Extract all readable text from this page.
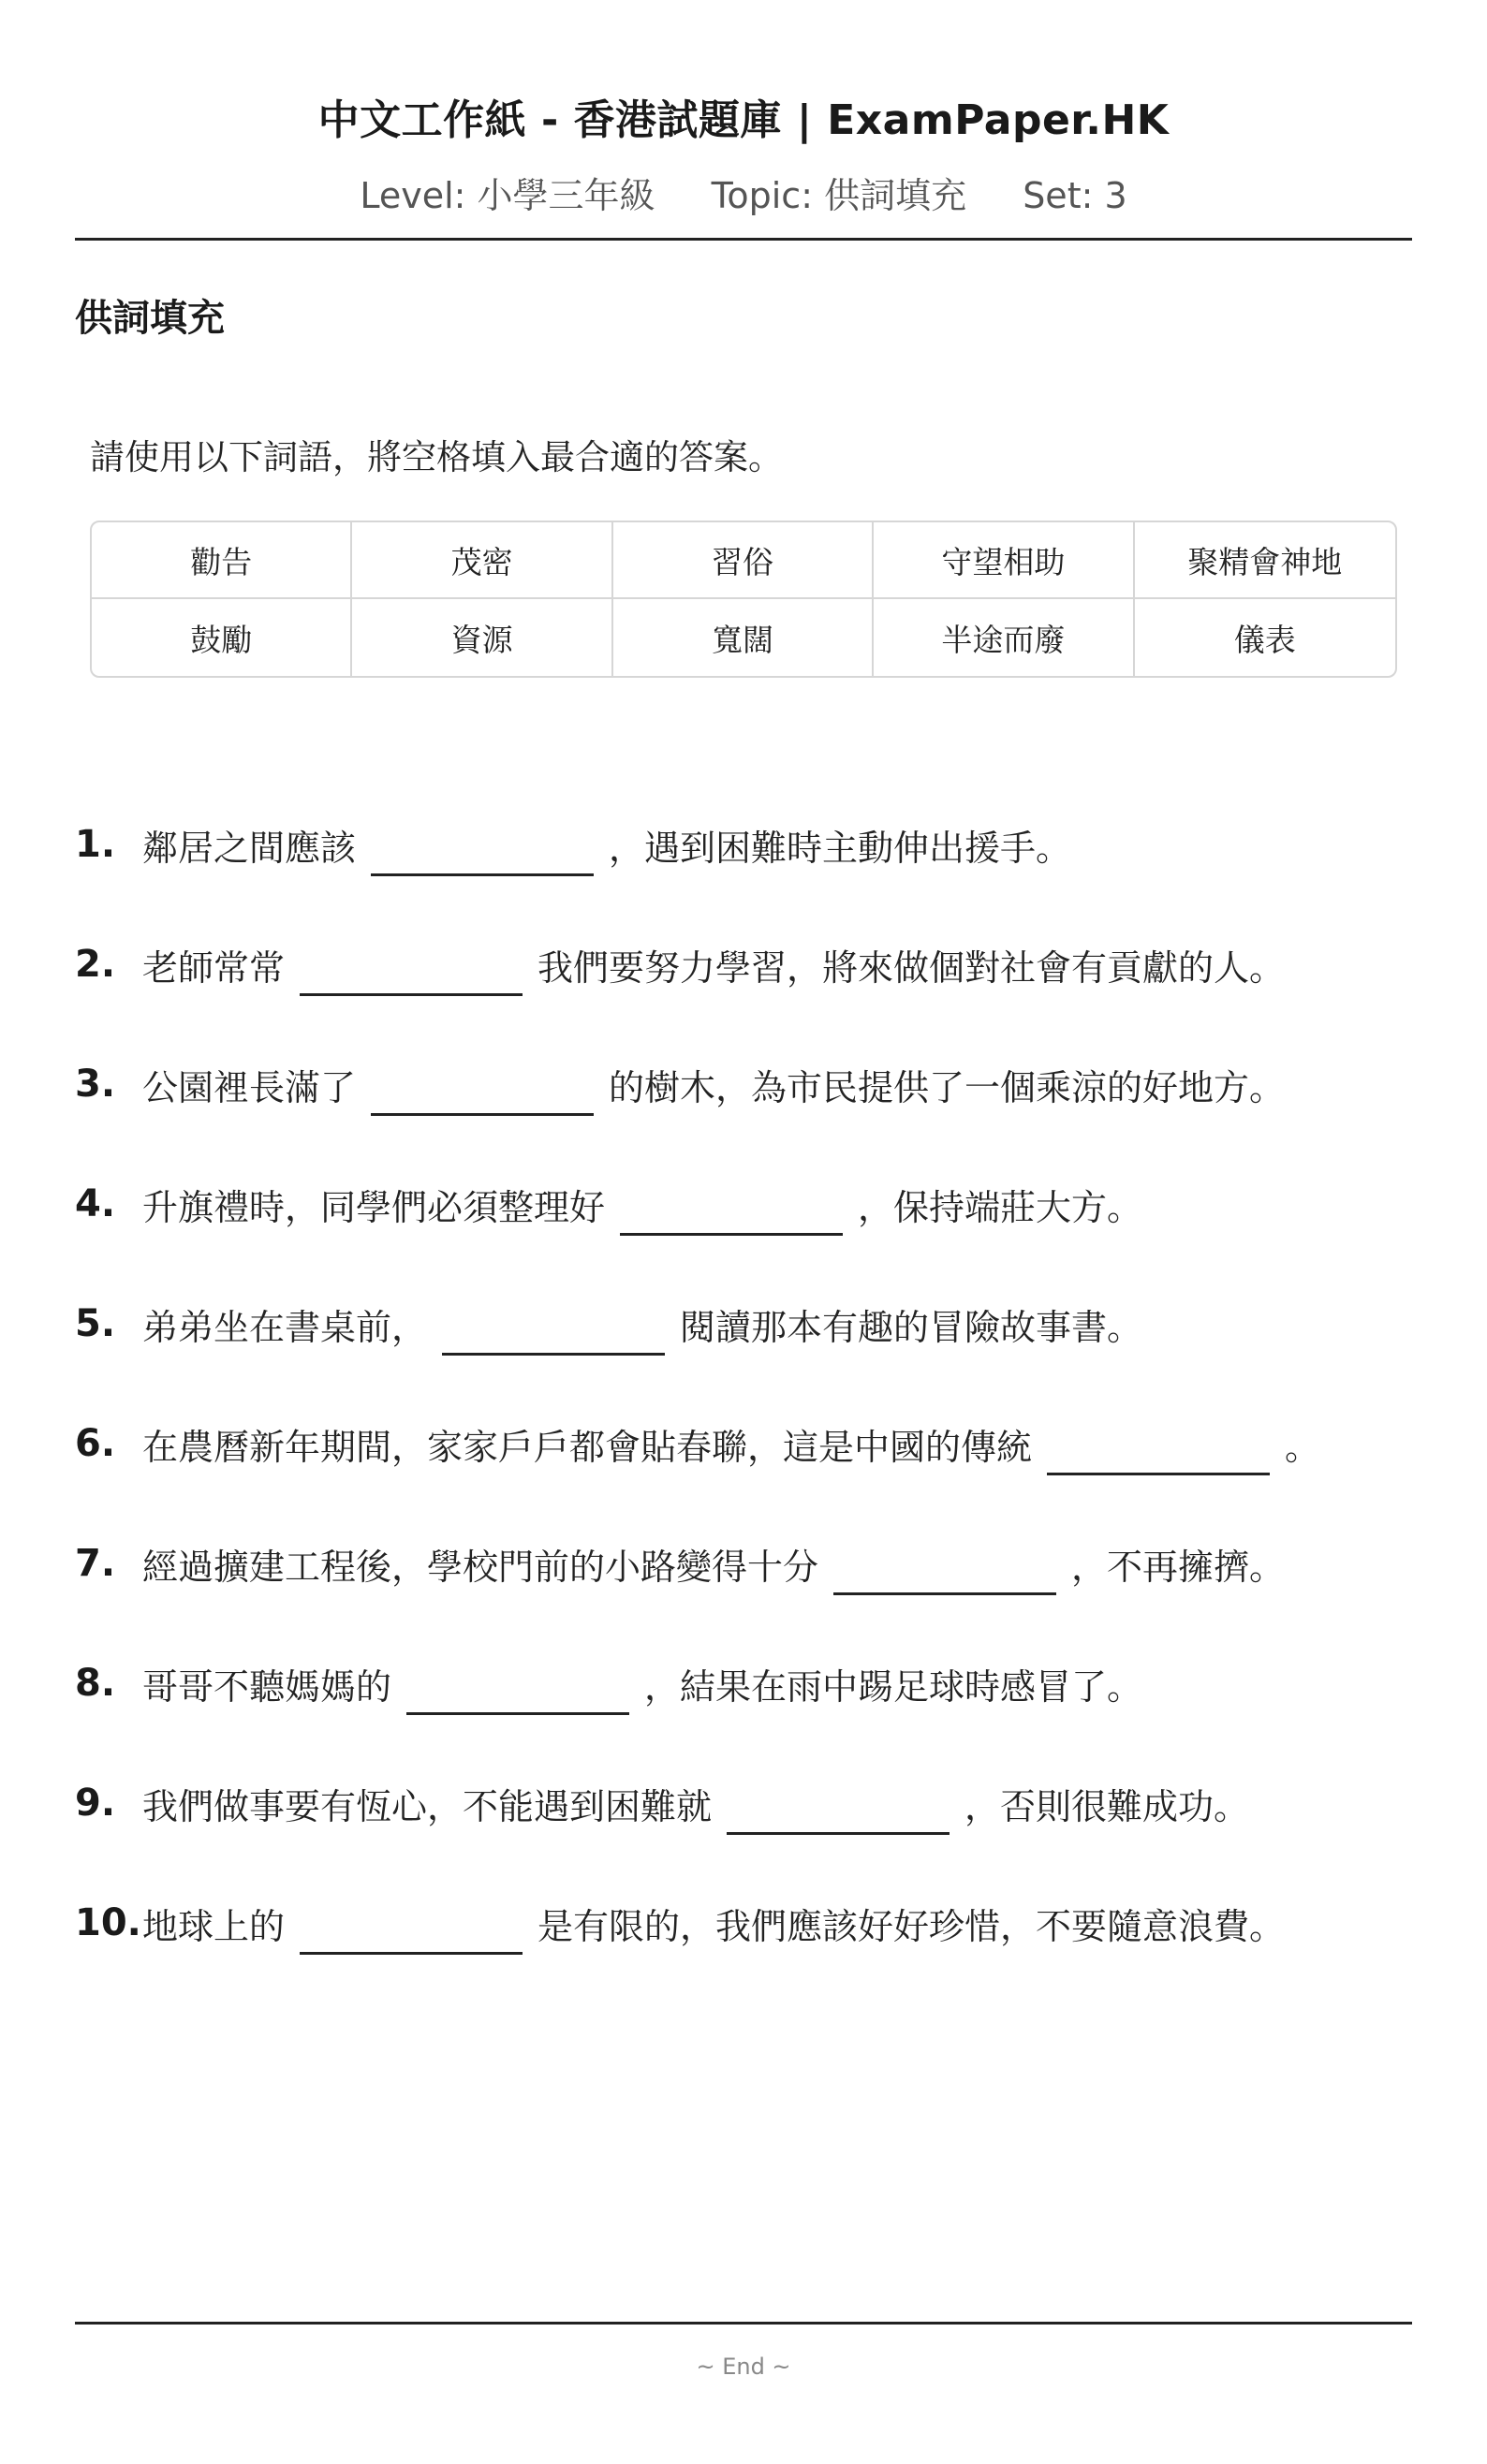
中文工作紙 - 香港試題庫 | ExamPaper.HK
Level: 小學三年級 Topic: 供詞填充 Set: 3
供詞填充
請使用以下詞語，將空格填入最合適的答案。
勸告	茂密	習俗	守望相助	聚精會神地
鼓勵	資源	寬闊	半途而廢	儀表
1. 鄰居之間應該	，遇到困難時主動伸出援手。
2. 老師常常	我們要努力學習，將來做個對社會有貢獻的人。
3. 公園裡長滿了	的樹木，為市民提供了一個乘涼的好地方。
4. 升旗禮時，同學們必須整理好	，保持端莊大方。
5. 弟弟坐在書桌前，	閱讀那本有趣的冒險故事書。
6. 在農曆新年期間，家家戶戶都會貼春聯，這是中國的傳統	。
7. 經過擴建工程後，學校門前的小路變得十分	，不再擁擠。
8. 哥哥不聽媽媽的	，結果在雨中踢足球時感冒了。
9. 我們做事要有恆心，不能遇到困難就	，否則很難成功。
10. 地球上的	是有限的，我們應該好好珍惜，不要隨意浪費。
~ End ~
